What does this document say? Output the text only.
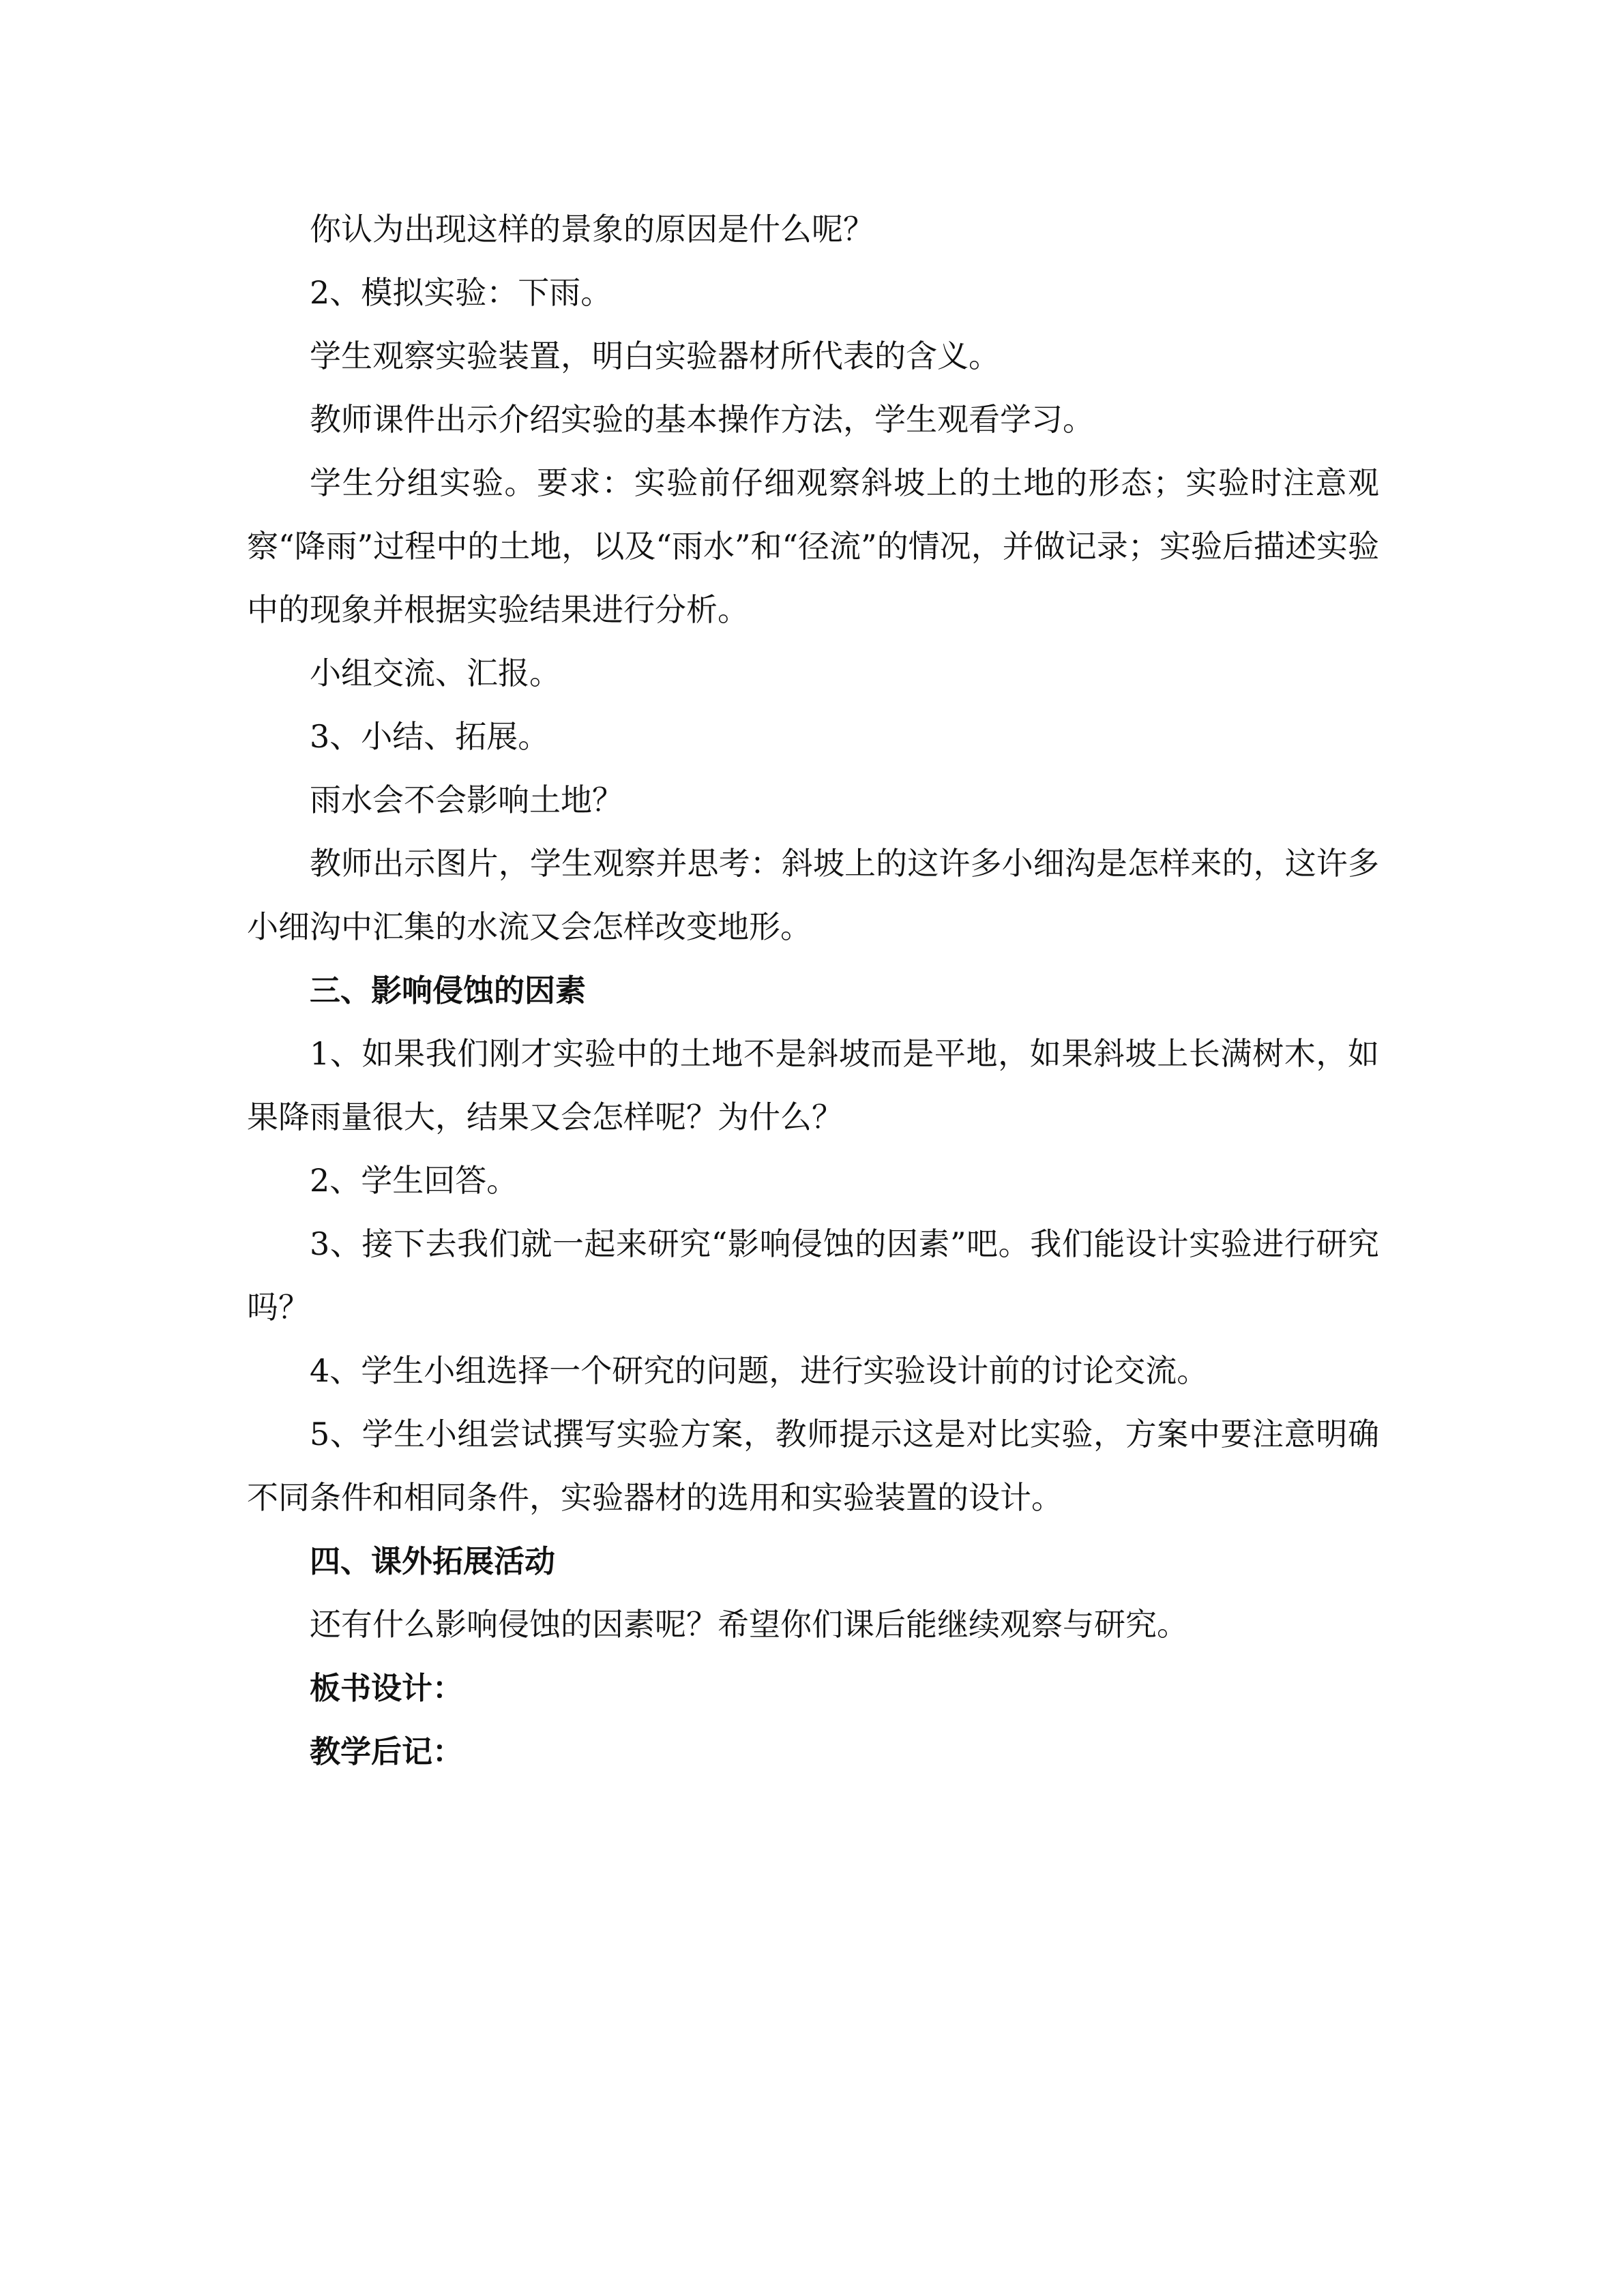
你认为出现这样的景象的原因是什么呢？

2、模拟实验：下雨。

学生观察实验装置，明白实验器材所代表的含义。

教师课件出示介绍实验的基本操作方法，学生观看学习。

学生分组实验。要求：实验前仔细观察斜坡上的土地的形态；实验时注意观察“降雨”过程中的土地，以及“雨水”和“径流”的情况，并做记录；实验后描述实验中的现象并根据实验结果进行分析。

小组交流、汇报。

3、小结、拓展。

雨水会不会影响土地？

教师出示图片，学生观察并思考：斜坡上的这许多小细沟是怎样来的，这许多小细沟中汇集的水流又会怎样改变地形。

三、影响侵蚀的因素

1、如果我们刚才实验中的土地不是斜坡而是平地，如果斜坡上长满树木，如果降雨量很大，结果又会怎样呢？为什么？

2、学生回答。

3、接下去我们就一起来研究“影响侵蚀的因素”吧。我们能设计实验进行研究吗？

4、学生小组选择一个研究的问题，进行实验设计前的讨论交流。

5、学生小组尝试撰写实验方案，教师提示这是对比实验，方案中要注意明确不同条件和相同条件，实验器材的选用和实验装置的设计。

四、课外拓展活动

还有什么影响侵蚀的因素呢？希望你们课后能继续观察与研究。

板书设计：

教学后记：
